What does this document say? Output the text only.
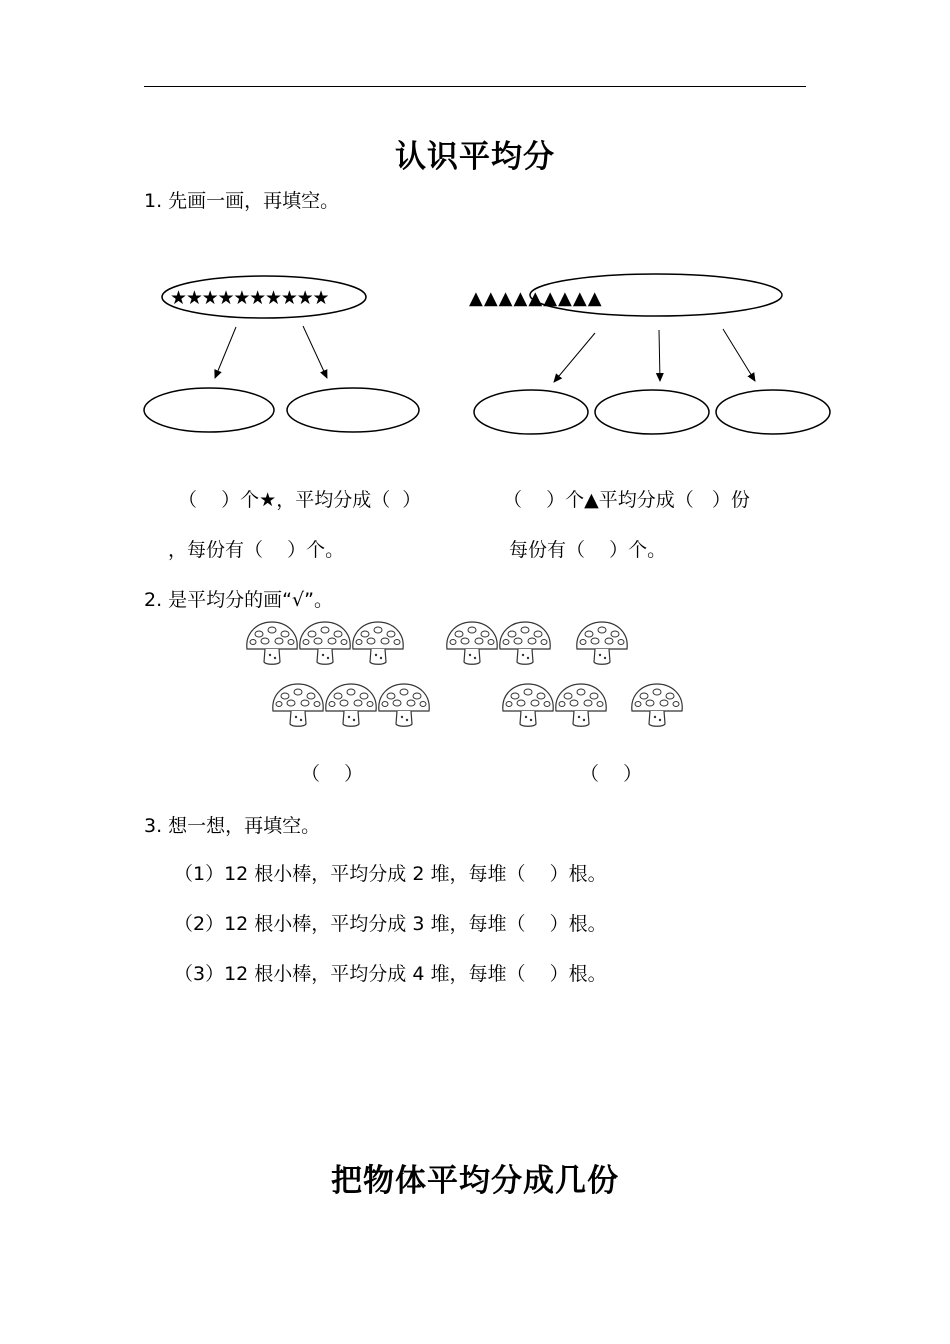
认识平均分
1. 先画一画，再填空。
★★★★★★★★★★	▲▲▲▲▲▲▲▲▲
（    ）个★，平均分成（  ）
，每份有（    ）个。
（    ）个▲平均分成（   ）份
每份有（    ）个。
2. 是平均分的画“√”。
（    ）	（    ）
3. 想一想，再填空。
（1）12 根小棒，平均分成 2 堆，每堆（    ）根。
（2）12 根小棒，平均分成 3 堆，每堆（    ）根。
（3）12 根小棒，平均分成 4 堆，每堆（    ）根。
把物体平均分成几份
